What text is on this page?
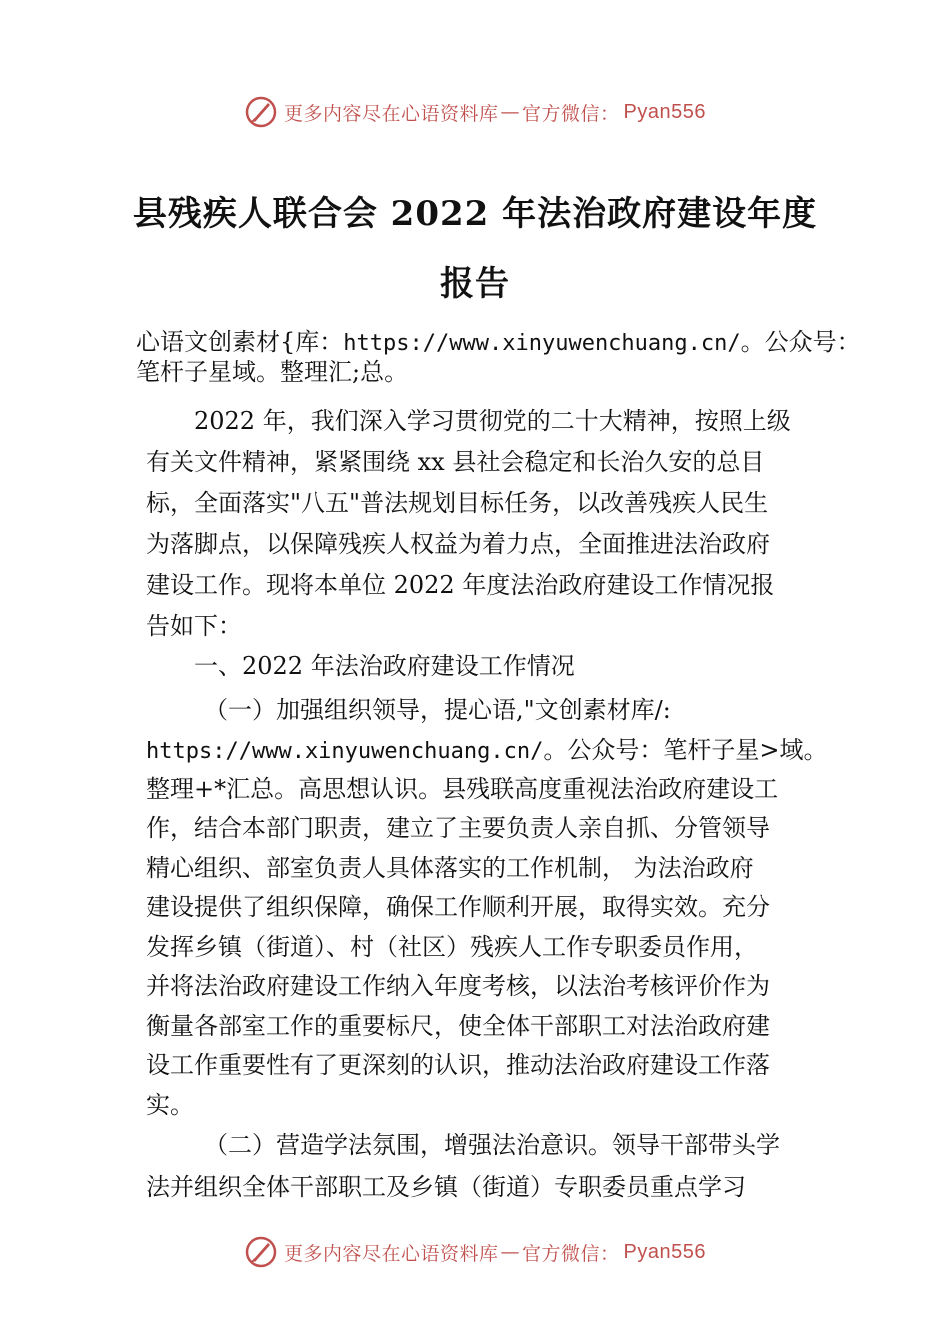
更多内容尽在心语资料库 — 官方微信： Pyan556
县残疾人联合会 2022 年法治政府建设年度
报告
心语文创素材{库：https://www.xinyuwenchuang.cn/。公众号：
笔杆子星域。整理汇;总。
2022 年，我们深入学习贯彻党的二十大精神，按照上级
有关文件精神，紧紧围绕 xx 县社会稳定和长治久安的总目
标，全面落实"八五"普法规划目标任务，以改善残疾人民生
为落脚点，以保障残疾人权益为着力点，全面推进法治政府
建设工作。现将本单位 2022 年度法治政府建设工作情况报
告如下：
一、2022 年法治政府建设工作情况
（一）加强组织领导，提心语,"文创素材库/:
https://www.xinyuwenchuang.cn/。公众号：笔杆子星>域。
整理+*汇总。高思想认识。县残联高度重视法治政府建设工
作，结合本部门职责，建立了主要负责人亲自抓、分管领导
精心组织、部室负责人具体落实的工作机制， 为法治政府
建设提供了组织保障，确保工作顺利开展，取得实效。充分
发挥乡镇（街道）、村（社区）残疾人工作专职委员作用，
并将法治政府建设工作纳入年度考核，以法治考核评价作为
衡量各部室工作的重要标尺，使全体干部职工对法治政府建
设工作重要性有了更深刻的认识，推动法治政府建设工作落
实。
（二）营造学法氛围，增强法治意识。领导干部带头学
法并组织全体干部职工及乡镇（街道）专职委员重点学习
更多内容尽在心语资料库 — 官方微信： Pyan556
